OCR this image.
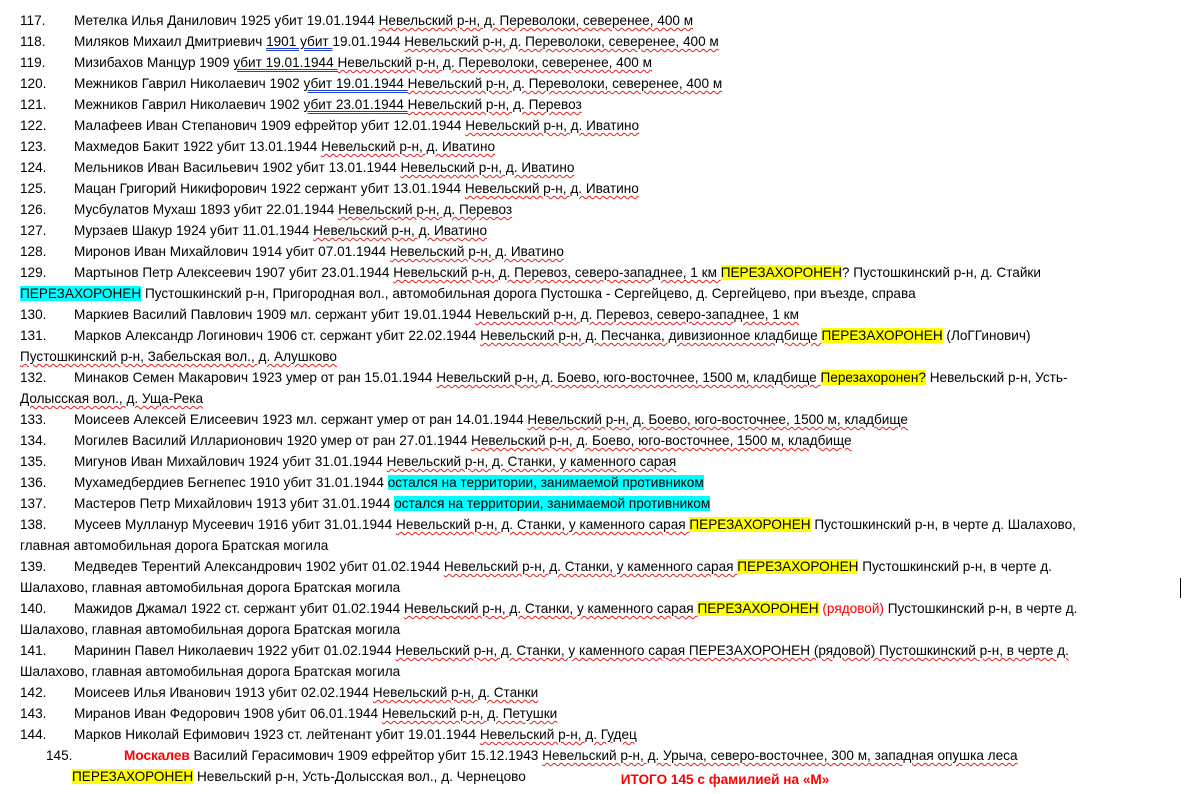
117. Метелка Илья Данилович 1925 убит 19.01.1944 Невельский р-н, д. Переволоки, северенее, 400 м
118. Миляков Михаил Дмитриевич 1901 убит 19.01.1944 Невельский р-н, д. Переволоки, северенее, 400 м
119. Мизибахов Манцур 1909 убит 19.01.1944 Невельский р-н, д. Переволоки, северенее, 400 м
120. Межников Гаврил Николаевич 1902 убит 19.01.1944 Невельский р-н, д. Переволоки, северенее, 400 м
121. Межников Гаврил Николаевич 1902 убит 23.01.1944 Невельский р-н, д. Перевоз
122. Малафеев Иван Степанович 1909 ефрейтор убит 12.01.1944 Невельский р-н, д. Иватино
123. Махмедов Бакит 1922 убит 13.01.1944 Невельский р-н, д. Иватино
124. Мельников Иван Васильевич 1902 убит 13.01.1944 Невельский р-н, д. Иватино
125. Мацан Григорий Никифорович 1922 сержант убит 13.01.1944 Невельский р-н, д. Иватино
126. Мусбулатов Мухаш 1893 убит 22.01.1944 Невельский р-н, д. Перевоз
127. Мурзаев Шакур 1924 убит 11.01.1944 Невельский р-н, д. Иватино
128. Миронов Иван Михайлович 1914 убит 07.01.1944 Невельский р-н, д. Иватино
129. Мартынов Петр Алексеевич 1907 убит 23.01.1944 Невельский р-н, д. Перевоз, северо-западнее, 1 км ПЕРЕЗАХОРОНЕН? Пустошкинский р-н, д. Стайки
ПЕРЕЗАХОРОНЕН Пустошкинский р-н, Пригородная вол., автомобильная дорога Пустошка - Сергейцево, д. Сергейцево, при въезде, справа
130. Маркиев Василий Павлович 1909 мл. сержант убит 19.01.1944 Невельский р-н, д. Перевоз, северо-западнее, 1 км
131. Марков Александр Логинович 1906 ст. сержант убит 22.02.1944 Невельский р-н, д. Песчанка, дивизионное кладбище ПЕРЕЗАХОРОНЕН (ЛоГГинович)
Пустошкинский р-н, Забельская вол., д. Алушково
132. Минаков Семен Макарович 1923 умер от ран 15.01.1944 Невельский р-н, д. Боево, юго-восточнее, 1500 м, кладбище Перезахоронен? Невельский р-н, Усть-
Долысская вол., д. Уща-Река
133. Моисеев Алексей Елисеевич 1923 мл. сержант умер от ран 14.01.1944 Невельский р-н, д. Боево, юго-восточнее, 1500 м, кладбище
134. Могилев Василий Илларионович 1920 умер от ран 27.01.1944 Невельский р-н, д. Боево, юго-восточнее, 1500 м, кладбище
135. Мигунов Иван Михайлович 1924 убит 31.01.1944 Невельский р-н, д. Станки, у каменного сарая
136. Мухамедбердиев Бегнепес 1910 убит 31.01.1944 остался на территории, занимаемой противником
137. Мастеров Петр Михайлович 1913 убит 31.01.1944 остался на территории, занимаемой противником
138. Мусеев Муллануp Мусеевич 1916 убит 31.01.1944 Невельский р-н, д. Станки, у каменного сарая ПЕРЕЗАХОРОНЕН Пустошкинский р-н, в черте д. Шалахово,
главная автомобильная дорога Братская могила
139. Медведев Терентий Александрович 1902 убит 01.02.1944 Невельский р-н, д. Станки, у каменного сарая ПЕРЕЗАХОРОНЕН Пустошкинский р-н, в черте д.
Шалахово, главная автомобильная дорога Братская могила
140. Мажидов Джамал 1922 ст. сержант убит 01.02.1944 Невельский р-н, д. Станки, у каменного сарая ПЕРЕЗАХОРОНЕН (рядовой) Пустошкинский р-н, в черте д.
Шалахово, главная автомобильная дорога Братская могила
141. Маринин Павел Николаевич 1922 убит 01.02.1944 Невельский р-н, д. Станки, у каменного сарая ПЕРЕЗАХОРОНЕН (рядовой) Пустошкинский р-н, в черте д.
Шалахово, главная автомобильная дорога Братская могила
142. Моисеев Илья Иванович 1913 убит 02.02.1944 Невельский р-н, д. Станки
143. Миранов Иван Федорович 1908 убит 06.01.1944 Невельский р-н, д. Петушки
144. Марков Николай Ефимович 1923 ст. лейтенант убит 19.01.1944 Невельский р-н, д. Гудец
145.	Москалев Василий Герасимович 1909 ефрейтор убит 15.12.1943 Невельский р-н, д. Урыча, северо-восточнее, 300 м, западная опушка леса
ИТОГО 145 с фамилией на «М»
ПЕРЕЗАХОРОНЕН Невельский р-н, Усть-Долысская вол., д. Чернецово
